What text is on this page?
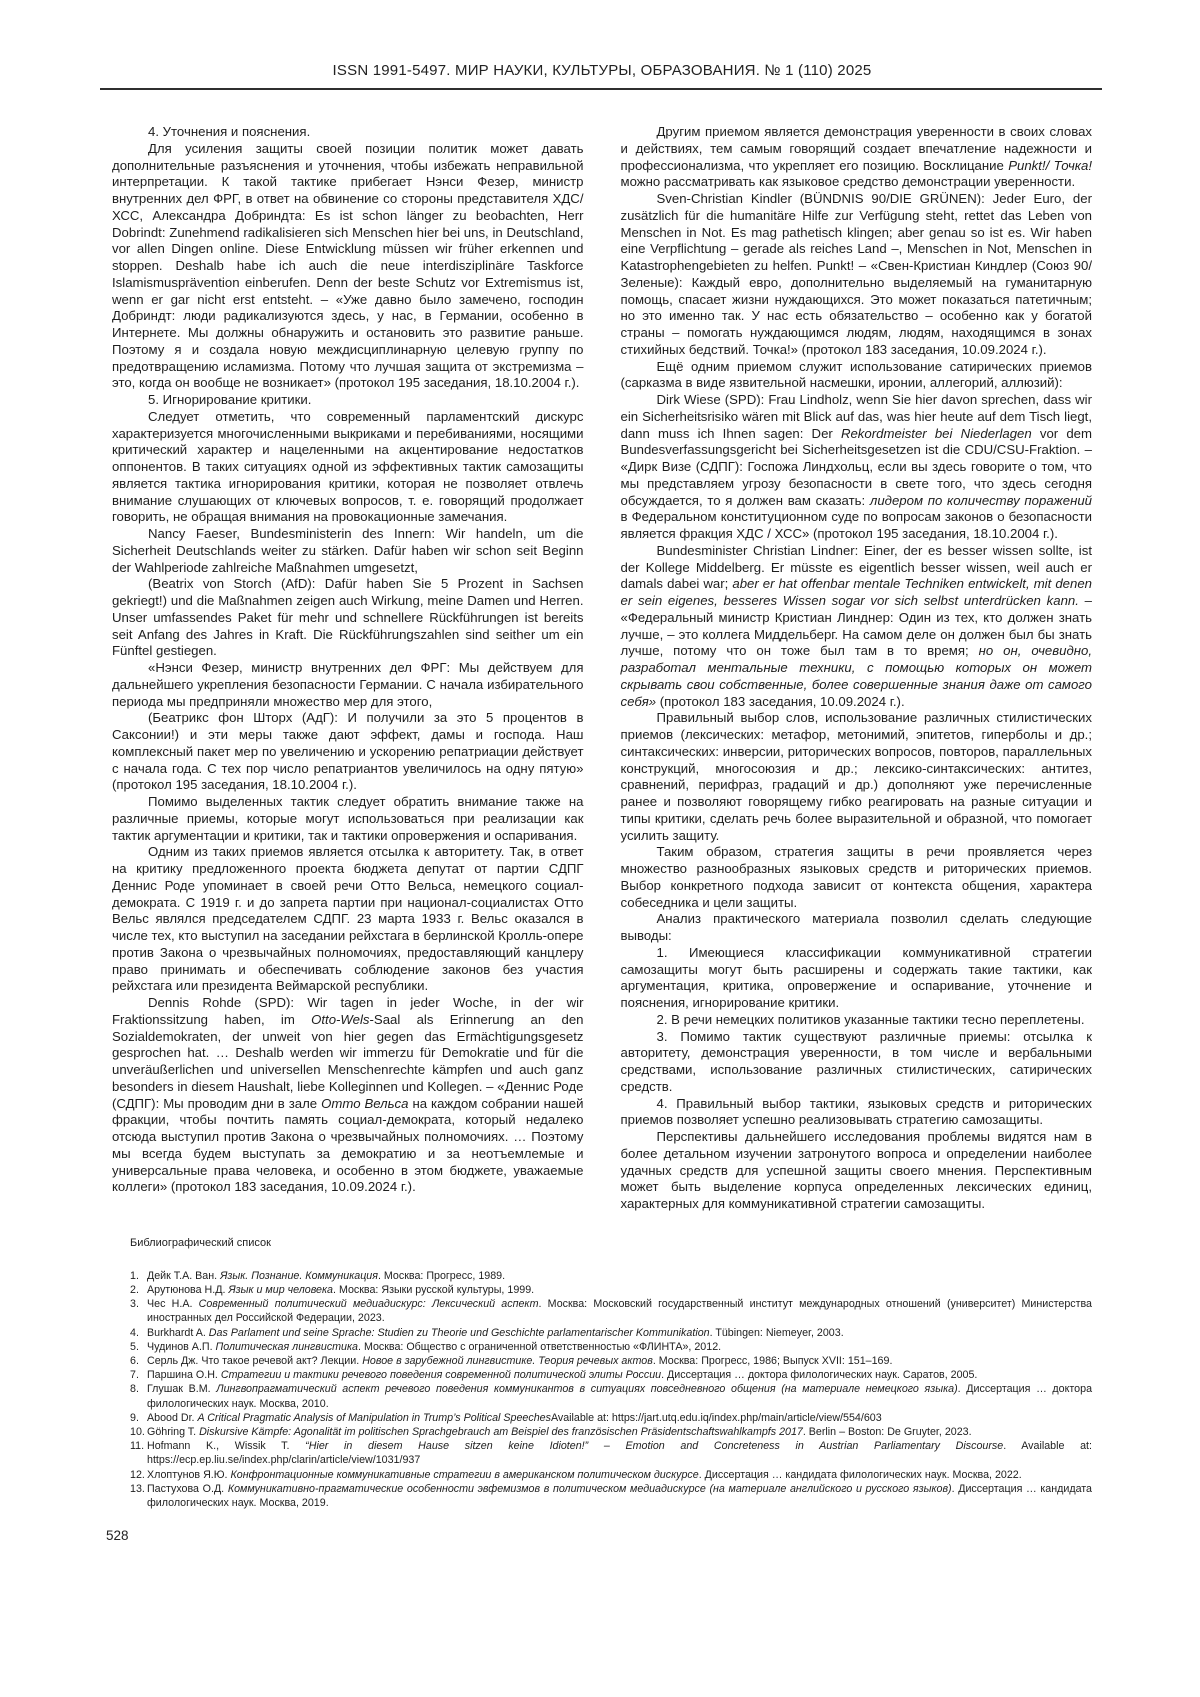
ISSN 1991-5497. МИР НАУКИ, КУЛЬТУРЫ, ОБРАЗОВАНИЯ. № 1 (110) 2025

4. Уточнения и пояснения.

Для усиления защиты своей позиции политик может давать дополнительные разъяснения и уточнения, чтобы избежать неправильной интерпретации. К такой тактике прибегает Нэнси Фезер, министр внутренних дел ФРГ, в ответ на обвинение со стороны представителя ХДС/ХСС, Александра Добриндта: Es ist schon länger zu beobachten, Herr Dobrindt: Zunehmend radikalisieren sich Menschen hier bei uns, in Deutschland, vor allen Dingen online. Diese Entwicklung müssen wir früher erkennen und stoppen. Deshalb habe ich auch die neue interdisziplinäre Taskforce Islamismusprävention einberufen. Denn der beste Schutz vor Extremismus ist, wenn er gar nicht erst entsteht. – «Уже давно было замечено, господин Добриндт: люди радикализуются здесь, у нас, в Германии, особенно в Интернете. Мы должны обнаружить и остановить это развитие раньше. Поэтому я и создала новую междисциплинарную целевую группу по предотвращению исламизма. Потому что лучшая защита от экстремизма – это, когда он вообще не возникает» (протокол 195 заседания, 18.10.2004 г.).

5. Игнорирование критики.

Следует отметить, что современный парламентский дискурс характеризуется многочисленными выкриками и перебиваниями, носящими критический характер и нацеленными на акцентирование недостатков оппонентов. В таких ситуациях одной из эффективных тактик самозащиты является тактика игнорирования критики, которая не позволяет отвлечь внимание слушающих от ключевых вопросов, т. е. говорящий продолжает говорить, не обращая внимания на провокационные замечания.

Nancy Faeser, Bundesministerin des Innern: Wir handeln, um die Sicherheit Deutschlands weiter zu stärken. Dafür haben wir schon seit Beginn der Wahlperiode zahlreiche Maßnahmen umgesetzt,

(Beatrix von Storch (AfD): Dafür haben Sie 5 Prozent in Sachsen gekriegt!) und die Maßnahmen zeigen auch Wirkung, meine Damen und Herren. Unser umfassendes Paket für mehr und schnellere Rückführungen ist bereits seit Anfang des Jahres in Kraft. Die Rückführungszahlen sind seither um ein Fünftel gestiegen.

«Нэнси Фезер, министр внутренних дел ФРГ: Мы действуем для дальнейшего укрепления безопасности Германии. С начала избирательного периода мы предприняли множество мер для этого,

(Беатрикс фон Шторх (АдГ): И получили за это 5 процентов в Саксонии!) и эти меры также дают эффект, дамы и господа. Наш комплексный пакет мер по увеличению и ускорению репатриации действует с начала года. С тех пор число репатриантов увеличилось на одну пятую» (протокол 195 заседания, 18.10.2004 г.).

Помимо выделенных тактик следует обратить внимание также на различные приемы, которые могут использоваться при реализации как тактик аргументации и критики, так и тактики опровержения и оспаривания.

Одним из таких приемов является отсылка к авторитету. Так, в ответ на критику предложенного проекта бюджета депутат от партии СДПГ Деннис Роде упоминает в своей речи Отто Вельса, немецкого социал-демократа. С 1919 г. и до запрета партии при национал-социалистах Отто Вельс являлся председателем СДПГ. 23 марта 1933 г. Вельс оказался в числе тех, кто выступил на заседании рейхстага в берлинской Кролль-опере против Закона о чрезвычайных полномочиях, предоставляющий канцлеру право принимать и обеспечивать соблюдение законов без участия рейхстага или президента Веймарской республики.

Dennis Rohde (SPD): Wir tagen in jeder Woche, in der wir Fraktionssitzung haben, im Otto-Wels-Saal als Erinnerung an den Sozialdemokraten, der unweit von hier gegen das Ermächtigungsgesetz gesprochen hat. … Deshalb werden wir immerzu für Demokratie und für die unveräußerlichen und universellen Menschenrechte kämpfen und auch ganz besonders in diesem Haushalt, liebe Kolleginnen und Kollegen. – «Деннис Роде (СДПГ): Мы проводим дни в зале Отто Вельса на каждом собрании нашей фракции, чтобы почтить память социал-демократа, который недалеко отсюда выступил против Закона о чрезвычайных полномочиях. … Поэтому мы всегда будем выступать за демократию и за неотъемлемые и универсальные права человека, и особенно в этом бюджете, уважаемые коллеги» (протокол 183 заседания, 10.09.2024 г.).

Другим приемом является демонстрация уверенности в своих словах и действиях, тем самым говорящий создает впечатление надежности и профессионализма, что укрепляет его позицию. Восклицание Punkt!/ Точка! можно рассматривать как языковое средство демонстрации уверенности.

Sven-Christian Kindler (BÜNDNIS 90/DIE GRÜNEN): Jeder Euro, der zusätzlich für die humanitäre Hilfe zur Verfügung steht, rettet das Leben von Menschen in Not. Es mag pathetisch klingen; aber genau so ist es. Wir haben eine Verpflichtung – gerade als reiches Land –, Menschen in Not, Menschen in Katastrophengebieten zu helfen. Punkt! – «Свен-Кристиан Киндлер (Союз 90/Зеленые): Каждый евро, дополнительно выделяемый на гуманитарную помощь, спасает жизни нуждающихся. Это может показаться патетичным; но это именно так. У нас есть обязательство – особенно как у богатой страны – помогать нуждающимся людям, людям, находящимся в зонах стихийных бедствий. Точка!» (протокол 183 заседания, 10.09.2024 г.).

Ещё одним приемом служит использование сатирических приемов (сарказма в виде язвительной насмешки, иронии, аллегорий, аллюзий):

Dirk Wiese (SPD): Frau Lindholz, wenn Sie hier davon sprechen, dass wir ein Sicherheitsrisiko wären mit Blick auf das, was hier heute auf dem Tisch liegt, dann muss ich Ihnen sagen: Der Rekordmeister bei Niederlagen vor dem Bundesverfassungsgericht bei Sicherheitsgesetzen ist die CDU/CSU-Fraktion. – «Дирк Визе (СДПГ): Госпожа Линдхольц, если вы здесь говорите о том, что мы представляем угрозу безопасности в свете того, что здесь сегодня обсуждается, то я должен вам сказать: лидером по количеству поражений в Федеральном конституционном суде по вопросам законов о безопасности является фракция ХДС / ХСС» (протокол 195 заседания, 18.10.2004 г.).

Bundesminister Christian Lindner: Einer, der es besser wissen sollte, ist der Kollege Middelberg. Er müsste es eigentlich besser wissen, weil auch er damals dabei war; aber er hat offenbar mentale Techniken entwickelt, mit denen er sein eigenes, besseres Wissen sogar vor sich selbst unterdrücken kann. – «Федеральный министр Кристиан Линднер: Один из тех, кто должен знать лучше, – это коллега Миддельберг. На самом деле он должен был бы знать лучше, потому что он тоже был там в то время; но он, очевидно, разработал ментальные техники, с помощью которых он может скрывать свои собственные, более совершенные знания даже от самого себя» (протокол 183 заседания, 10.09.2024 г.).

Правильный выбор слов, использование различных стилистических приемов (лексических: метафор, метонимий, эпитетов, гиперболы и др.; синтаксических: инверсии, риторических вопросов, повторов, параллельных конструкций, многосоюзия и др.; лексико-синтаксических: антитез, сравнений, перифраз, градаций и др.) дополняют уже перечисленные ранее и позволяют говорящему гибко реагировать на разные ситуации и типы критики, сделать речь более выразительной и образной, что помогает усилить защиту.

Таким образом, стратегия защиты в речи проявляется через множество разнообразных языковых средств и риторических приемов. Выбор конкретного подхода зависит от контекста общения, характера собеседника и цели защиты.

Анализ практического материала позволил сделать следующие выводы:

1. Имеющиеся классификации коммуникативной стратегии самозащиты могут быть расширены и содержать такие тактики, как аргументация, критика, опровержение и оспаривание, уточнение и пояснения, игнорирование критики.

2. В речи немецких политиков указанные тактики тесно переплетены.

3. Помимо тактик существуют различные приемы: отсылка к авторитету, демонстрация уверенности, в том числе и вербальными средствами, использование различных стилистических, сатирических средств.

4. Правильный выбор тактики, языковых средств и риторических приемов позволяет успешно реализовывать стратегию самозащиты.

Перспективы дальнейшего исследования проблемы видятся нам в более детальном изучении затронутого вопроса и определении наиболее удачных средств для успешной защиты своего мнения. Перспективным может быть выделение корпуса определенных лексических единиц, характерных для коммуникативной стратегии самозащиты.

Библиографический список
1. Дейк Т.А. Ван. Язык. Познание. Коммуникация. Москва: Прогресс, 1989.
2. Арутюнова Н.Д. Язык и мир человека. Москва: Языки русской культуры, 1999.
3. Чес Н.А. Современный политический медиадискурс: Лексический аспект. Москва: Московский государственный институт международных отношений (университет) Министерства иностранных дел Российской Федерации, 2023.
4. Burkhardt A. Das Parlament und seine Sprache: Studien zu Theorie und Geschichte parlamentarischer Kommunikation. Tübingen: Niemeyer, 2003.
5. Чудинов А.П. Политическая лингвистика. Москва: Общество с ограниченной ответственностью «ФЛИНТА», 2012.
6. Серль Дж. Что такое речевой акт? Лекции. Новое в зарубежной лингвистике. Теория речевых актов. Москва: Прогресс, 1986; Выпуск XVII: 151–169.
7. Паршина О.Н. Стратегии и тактики речевого поведения современной политической элиты России. Диссертация … доктора филологических наук. Саратов, 2005.
8. Глушак В.М. Лингвопрагматический аспект речевого поведения коммуникантов в ситуациях повседневного общения (на материале немецкого языка). Диссертация … доктора филологических наук. Москва, 2010.
9. Abood Dr. A Critical Pragmatic Analysis of Manipulation in Trump’s Political SpeechesAvailable at: https://jart.utq.edu.iq/index.php/main/article/view/554/603
10. Göhring T. Diskursive Kämpfe: Agonalität im politischen Sprachgebrauch am Beispiel des französischen Präsidentschaftswahlkampfs 2017. Berlin – Boston: De Gruyter, 2023.
11. Hofmann K., Wissik T. “Hier in diesem Hause sitzen keine Idioten!” – Emotion and Concreteness in Austrian Parliamentary Discourse. Available at: https://ecp.ep.liu.se/index.php/clarin/article/view/1031/937
12. Хлоптунов Я.Ю. Конфронтационные коммуникативные стратегии в американском политическом дискурсе. Диссертация … кандидата филологических наук. Москва, 2022.
13. Пастухова О.Д. Коммуникативно-прагматические особенности эвфемизмов в политическом медиадискурсе (на материале английского и русского языков). Диссертация … кандидата филологических наук. Москва, 2019.
528
